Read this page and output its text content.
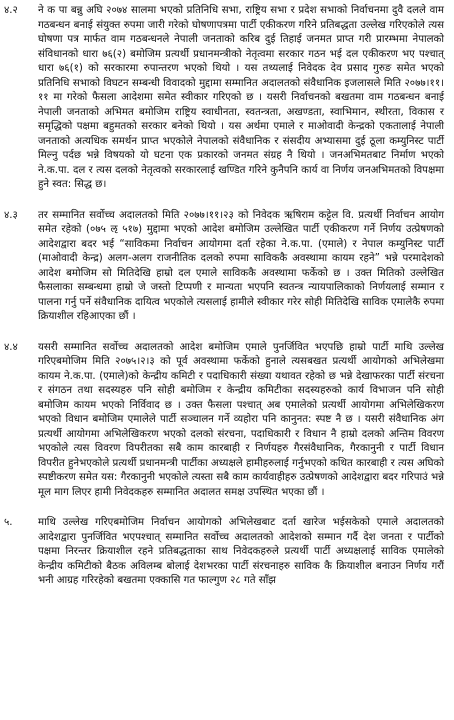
४.२	ने क पा बन्नु अघि २०७४ सालमा भएको प्रतिनिधि सभा, राष्ट्रिय सभा र प्रदेश सभाको निर्वाचनमा दुवै दलले वाम गठबन्धन बनाई संयुक्त रुपमा जारी गरेको घोषणापत्रमा पार्टी एकीकरण गरिने प्रतिबद्धता उल्लेख गरिएकोले त्यस घोषणा पत्र मार्फत वाम गठबन्धनले नेपाली जनताको करिब दुई तिहाई जनमत प्राप्त गरी प्रारम्भमा नेपालको संविधानको धारा ७६(२) बमोजिम प्रत्यर्थी प्रधानमन्त्रीको नेतृत्वमा सरकार गठन भई दल एकीकरण भए पश्चात् धारा ७६(१) को सरकारमा रुपान्तरण भएको थियो । यस तथ्यलाई निवेदक देव प्रसाद गुरुङ समेत भएको प्रतिनिधि सभाको विघटन सम्बन्धी विवादको मुद्दामा सम्मानित अदालतको संवैधानिक इजलासले मिति २०७७।११।११ मा गरेको फैसला आदेशमा समेत स्वीकार गरिएको छ । यसरी निर्वाचनको बखतमा वाम गठबन्धन बनाई नेपाली जनताको अभिमत बमोजिम राष्ट्रिय स्वाधीनता, स्वतन्त्रता, अखण्डता, स्वाभिमान, स्थीरता, विकास र समृद्धिको पक्षमा बहुमतको सरकार बनेको थियो । यस अर्थमा एमाले र माओवादी केन्द्रको एकतालाई नेपाली जनताको अत्यधिक समर्थन प्राप्त भएकोले नेपालको संवैधानिक र संसदीय अभ्यासमा दुई ठूला कम्युनिस्ट पार्टी मिल्नु पर्दछ भन्ने विषयको यो घटना एक प्रकारको जनमत संग्रह नै थियो । जनअभिमतबाट निर्माण भएको ने.क.पा. दल र त्यस दलको नेतृत्वको सरकारलाई खण्डित गरिने कुनैपनि कार्य वा निर्णय जनअभिमतको विपक्षमा हुने स्वत: सिद्ध छ।
४.३	तर सम्मानित सर्वोच्च अदालतको मिति २०७७।११।२३ को निवेदक ऋषिराम कट्टेल वि. प्रत्यर्थी निर्वाचन आयोग समेत रहेको (०७५ ऌ ५१७) मुद्दामा भएको आदेश बमोजिम उल्लेखित पार्टी एकीकरण गर्ने निर्णय उत्प्रेषणको आदेशद्वारा बदर भई “साविकमा निर्वाचन आयोगमा दर्ता रहेका ने.क.पा. (एमाले) र नेपाल कम्युनिस्ट पार्टी (माओवादी केन्द्र) अलग-अलग राजनीतिक दलको रुपमा साविककै अवस्थामा कायम रहने” भन्ने परमादेशको आदेश बमोजिम सो मितिदेखि हाम्रो दल एमाले साविककै अवस्थामा फर्केको छ । उक्त मितिको उल्लेखित फैसलाका सम्बन्धमा हाम्रो जे जस्तो टिप्पणी र मान्यता भएपनि स्वतन्त्र न्यायपालिकाको निर्णयलाई सम्मान र पालना गर्नु पर्ने संवैधानिक दायित्व भएकोले त्यसलाई हामीले स्वीकार गरेर सोही मितिदेखि साविक एमालेकै रुपमा क्रियाशील रहिआएका छौं ।
४.४	यसरी सम्मानित सर्वोच्च अदालतको आदेश बमोजिम एमाले पुनर्जिवित भएपछि हाम्रो पार्टी माथि उल्लेख गरिएबमोजिम मिति २०७५।२।३ को पूर्व अवस्थामा फर्केको हुनाले त्यसबखत प्रत्यर्थी आयोगको अभिलेखमा कायम ने.क.पा. (एमाले)को केन्द्रीय कमिटी र पदाधिकारी संख्या यथावत रहेको छ भन्ने देखाफरका पार्टी संरचना र संगठन तथा सदस्यहरु पनि सोही बमोजिम र केन्द्रीय कमिटीका सदस्यहरुको कार्य विभाजन पनि सोही बमोजिम कायम भएको निर्विवाद छ । उक्त फैसला पश्चात् अब एमालेको प्रत्यर्थी आयोगमा अभिलेखिकरण भएको विधान बमोजिम एमालेले पार्टी सञ्चालन गर्ने व्यहोरा पनि कानुनत: स्पष्ट नै छ । यसरी संवैधानिक अंग प्रत्यर्थी आयोगमा अभिलेखिकरण भएको दलको संरचना, पदाधिकारी र विधान नै हाम्रो दलको अन्तिम विवरण भएकोले त्यस विवरण विपरीतका सबै काम कारबाही र निर्णयहरु गैरसंवैधानिक, गैरकानुनी र पार्टी विधान विपरीत हुनेभएकोले प्रत्यर्थी प्रधानमन्त्री पार्टीका अध्यक्षले हामीहरुलाई गर्नुभएको कथित कारबाही र त्यस अघिको स्पष्टीकरण समेत यस: गैरकानुनी भएकोले त्यस्ता सबै काम कार्यवाहीहरु उत्प्रेषणको आदेशद्वारा बदर गरिपाउं भन्ने मूल माग लिएर हामी निवेदकहरु सम्मानित अदालत समक्ष उपस्थित भएका छौं ।
५.	माथि उल्लेख गरिएबमोजिम निर्वाचन आयोगको अभिलेखबाट दर्ता खारेज भईसकेको एमाले अदालतको आदेशद्वारा पुनर्जिवित भएपश्चात् सम्मानित सर्वोच्च अदालतको आदेशको सम्मान गर्दै देश जनता र पार्टीको पक्षमा निरन्तर क्रियाशील रहने प्रतिबद्धताका साथ निवेदकहरुले प्रत्यर्थी पार्टी अध्यक्षलाई साविक एमालेको केन्द्रीय कमिटीको बैठक अविलम्ब बोलाई देशभरका पार्टी संरचनाहरु साविक कै क्रियाशील बनाउन निर्णय गरौं भनी आग्रह गरिरहेको बखतमा एक्कासि गत फाल्गुण २८ गते साँझ
